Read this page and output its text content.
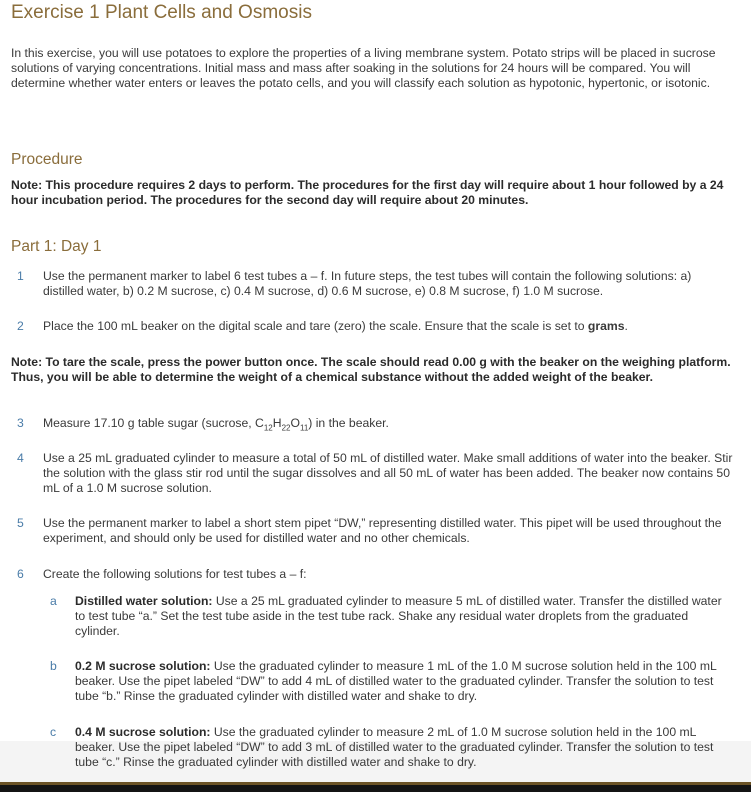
Exercise 1 Plant Cells and Osmosis

In this exercise, you will use potatoes to explore the properties of a living membrane system. Potato strips will be placed in sucrose solutions of varying concentrations. Initial mass and mass after soaking in the solutions for 24 hours will be compared. You will determine whether water enters or leaves the potato cells, and you will classify each solution as hypotonic, hypertonic, or isotonic.

Procedure

Note: This procedure requires 2 days to perform. The procedures for the first day will require about 1 hour followed by a 24 hour incubation period. The procedures for the second day will require about 20 minutes.

Part 1: Day 1
1 Use the permanent marker to label 6 test tubes a – f. In future steps, the test tubes will contain the following solutions: a) distilled water, b) 0.2 M sucrose, c) 0.4 M sucrose, d) 0.6 M sucrose, e) 0.8 M sucrose, f) 1.0 M sucrose.
2 Place the 100 mL beaker on the digital scale and tare (zero) the scale. Ensure that the scale is set to grams.

Note: To tare the scale, press the power button once. The scale should read 0.00 g with the beaker on the weighing platform. Thus, you will be able to determine the weight of a chemical substance without the added weight of the beaker.

3 Measure 17.10 g table sugar (sucrose, $C_{12}H_{22}O_{11}$) in the beaker.
4 Use a 25 mL graduated cylinder to measure a total of 50 mL of distilled water. Make small additions of water into the beaker. Stir the solution with the glass stir rod until the sugar dissolves and all 50 mL of water has been added. The beaker now contains 50 mL of a 1.0 M sucrose solution.
5 Use the permanent marker to label a short stem pipet “DW,” representing distilled water. This pipet will be used throughout the experiment, and should only be used for distilled water and no other chemicals.
6 Create the following solutions for test tubes a – f:
a Distilled water solution: Use a 25 mL graduated cylinder to measure 5 mL of distilled water. Transfer the distilled water to test tube “a.” Set the test tube aside in the test tube rack. Shake any residual water droplets from the graduated cylinder.
b 0.2 M sucrose solution: Use the graduated cylinder to measure 1 mL of the 1.0 M sucrose solution held in the 100 mL beaker. Use the pipet labeled “DW” to add 4 mL of distilled water to the graduated cylinder. Transfer the solution to test tube “b.” Rinse the graduated cylinder with distilled water and shake to dry.
c 0.4 M sucrose solution: Use the graduated cylinder to measure 2 mL of 1.0 M sucrose solution held in the 100 mL beaker. Use the pipet labeled “DW” to add 3 mL of distilled water to the graduated cylinder. Transfer the solution to test tube “c.” Rinse the graduated cylinder with distilled water and shake to dry.
